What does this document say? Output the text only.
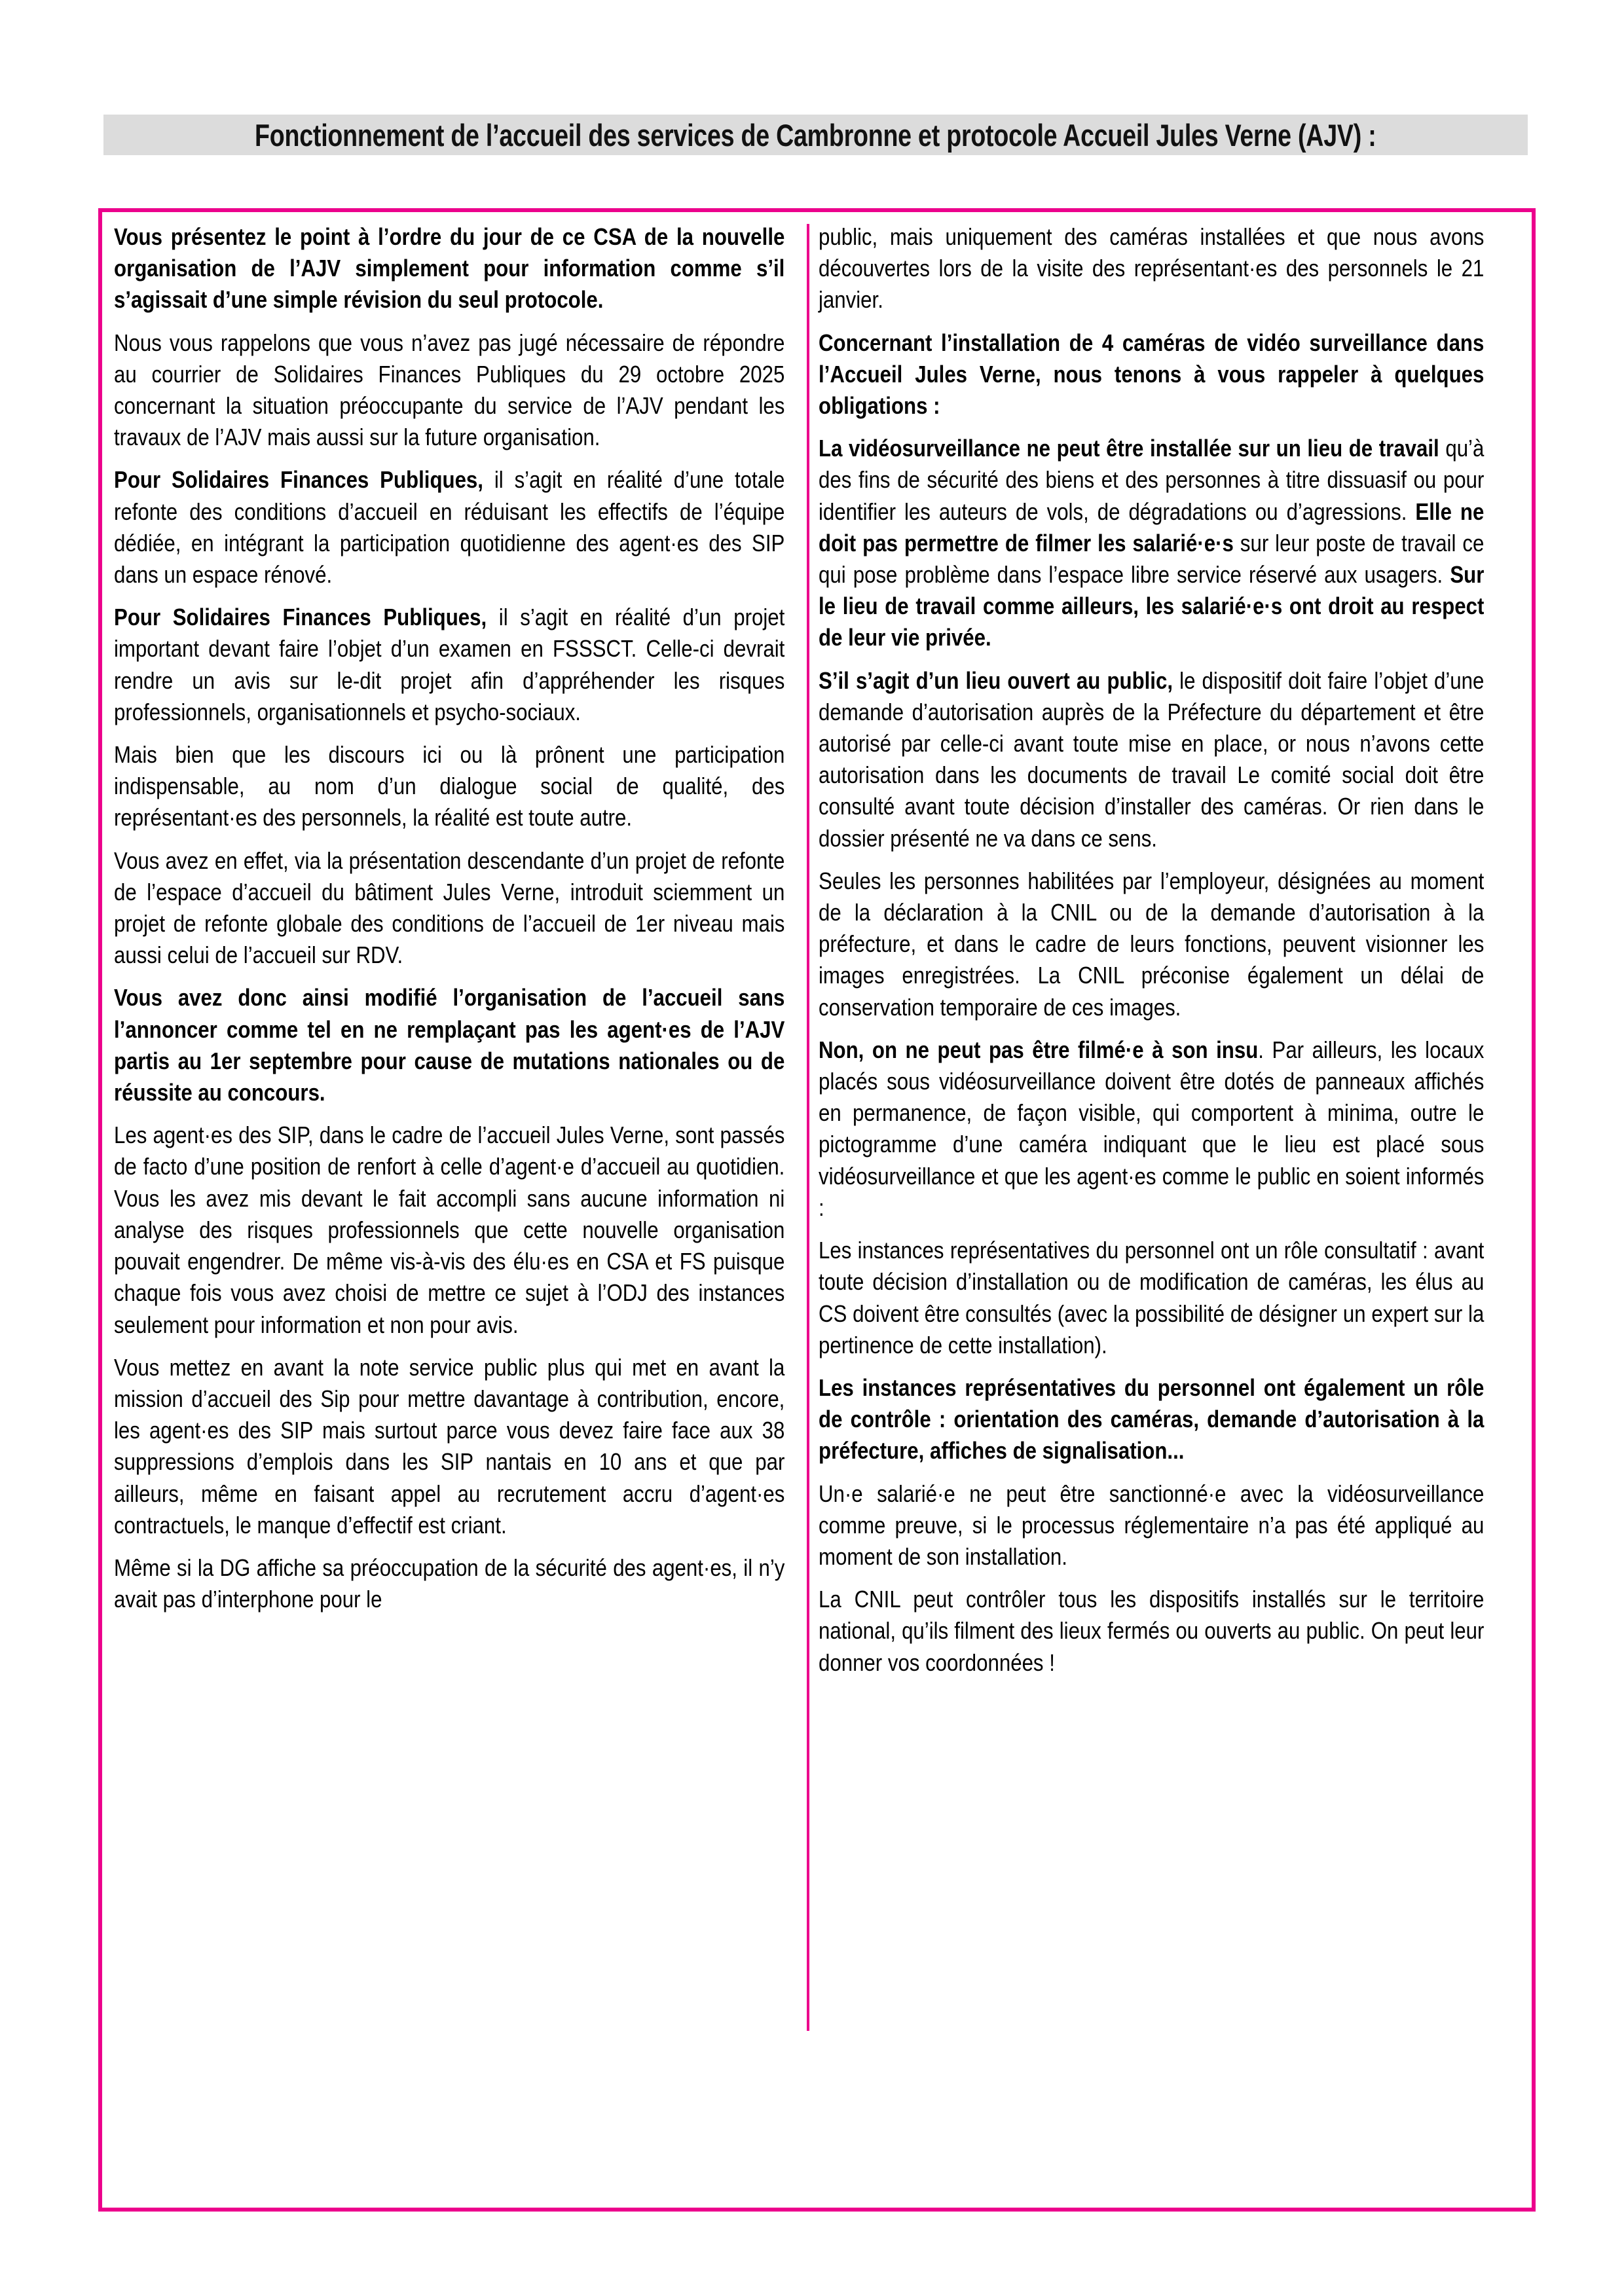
Fonctionnement de l’accueil des services de Cambronne et protocole Accueil Jules Verne (AJV) :

Vous présentez le point à l’ordre du jour de ce CSA de la nouvelle organisation de l’AJV simplement pour information comme s’il s’agissait d’une simple révision du seul protocole.

Nous vous rappelons que vous n’avez pas jugé nécessaire de répondre au courrier de Solidaires Finances Publiques du 29 octobre 2025 concernant la situation préoccupante du service de l’AJV pendant les travaux de l’AJV mais aussi sur la future organisation.

Pour Solidaires Finances Publiques, il s’agit en réalité d’une totale refonte des conditions d’accueil en réduisant les effectifs de l’équipe dédiée, en intégrant la participation quotidienne des agent·es des SIP dans un espace rénové.

Pour Solidaires Finances Publiques, il s’agit en réalité d’un projet important devant faire l’objet d’un examen en FSSSCT. Celle-ci devrait rendre un avis sur le-dit projet afin d’appréhender les risques professionnels, organisationnels et psycho-sociaux.

Mais bien que les discours ici ou là prônent une participation indispensable, au nom d’un dialogue social de qualité, des représentant·es des personnels, la réalité est toute autre.

Vous avez en effet, via la présentation descendante d’un projet de refonte de l’espace d’accueil du bâtiment Jules Verne, introduit sciemment un projet de refonte globale des conditions de l’accueil de 1er niveau mais aussi celui de l’accueil sur RDV.

Vous avez donc ainsi modifié l’organisation de l’accueil sans l’annoncer comme tel en ne remplaçant pas les agent·es de l’AJV partis au 1er septembre pour cause de mutations nationales ou de réussite au concours.

Les agent·es des SIP, dans le cadre de l’accueil Jules Verne, sont passés de facto d’une position de renfort à celle d’agent·e d’accueil au quotidien. Vous les avez mis devant le fait accompli sans aucune information ni analyse des risques professionnels que cette nouvelle organisation pouvait engendrer. De même vis-à-vis des élu·es en CSA et FS puisque chaque fois vous avez choisi de mettre ce sujet à l’ODJ des instances seulement pour information et non pour avis.

Vous mettez en avant la note service public plus qui met en avant la mission d’accueil des Sip pour mettre davantage à contribution, encore, les agent·es des SIP mais surtout parce vous devez faire face aux 38 suppressions d’emplois dans les SIP nantais en 10 ans et que par ailleurs, même en faisant appel au recrutement accru d’agent·es contractuels, le manque d’effectif est criant.

Même si la DG affiche sa préoccupation de la sécurité des agent·es, il n’y avait pas d’interphone pour le

public, mais uniquement des caméras installées et que nous avons découvertes lors de la visite des représentant·es des personnels le 21 janvier.

Concernant l’installation de 4 caméras de vidéo surveillance dans l’Accueil Jules Verne, nous tenons à vous rappeler à quelques obligations :

La vidéosurveillance ne peut être installée sur un lieu de travail qu’à des fins de sécurité des biens et des personnes à titre dissuasif ou pour identifier les auteurs de vols, de dégradations ou d’agressions. Elle ne doit pas permettre de filmer les salarié·e·s sur leur poste de travail ce qui pose problème dans l’espace libre service réservé aux usagers. Sur le lieu de travail comme ailleurs, les salarié·e·s ont droit au respect de leur vie privée.

S’il s’agit d’un lieu ouvert au public, le dispositif doit faire l’objet d’une demande d’autorisation auprès de la Préfecture du département et être autorisé par celle-ci avant toute mise en place, or nous n’avons cette autorisation dans les documents de travail Le comité social doit être consulté avant toute décision d’installer des caméras. Or rien dans le dossier présenté ne va dans ce sens.

Seules les personnes habilitées par l’employeur, désignées au moment de la déclaration à la CNIL ou de la demande d’autorisation à la préfecture, et dans le cadre de leurs fonctions, peuvent visionner les images enregistrées. La CNIL préconise également un délai de conservation temporaire de ces images.

Non, on ne peut pas être filmé·e à son insu. Par ailleurs, les locaux placés sous vidéosurveillance doivent être dotés de panneaux affichés en permanence, de façon visible, qui comportent à minima, outre le pictogramme d’une caméra indiquant que le lieu est placé sous vidéosurveillance et que les agent·es comme le public en soient informés :

Les instances représentatives du personnel ont un rôle consultatif : avant toute décision d’installation ou de modification de caméras, les élus au CS doivent être consultés (avec la possibilité de désigner un expert sur la pertinence de cette installation).

Les instances représentatives du personnel ont également un rôle de contrôle : orientation des caméras, demande d’autorisation à la préfecture, affiches de signalisation...

Un·e salarié·e ne peut être sanctionné·e avec la vidéosurveillance comme preuve, si le processus réglementaire n’a pas été appliqué au moment de son installation.

La CNIL peut contrôler tous les dispositifs installés sur le territoire national, qu’ils filment des lieux fermés ou ouverts au public. On peut leur donner vos coordonnées !
